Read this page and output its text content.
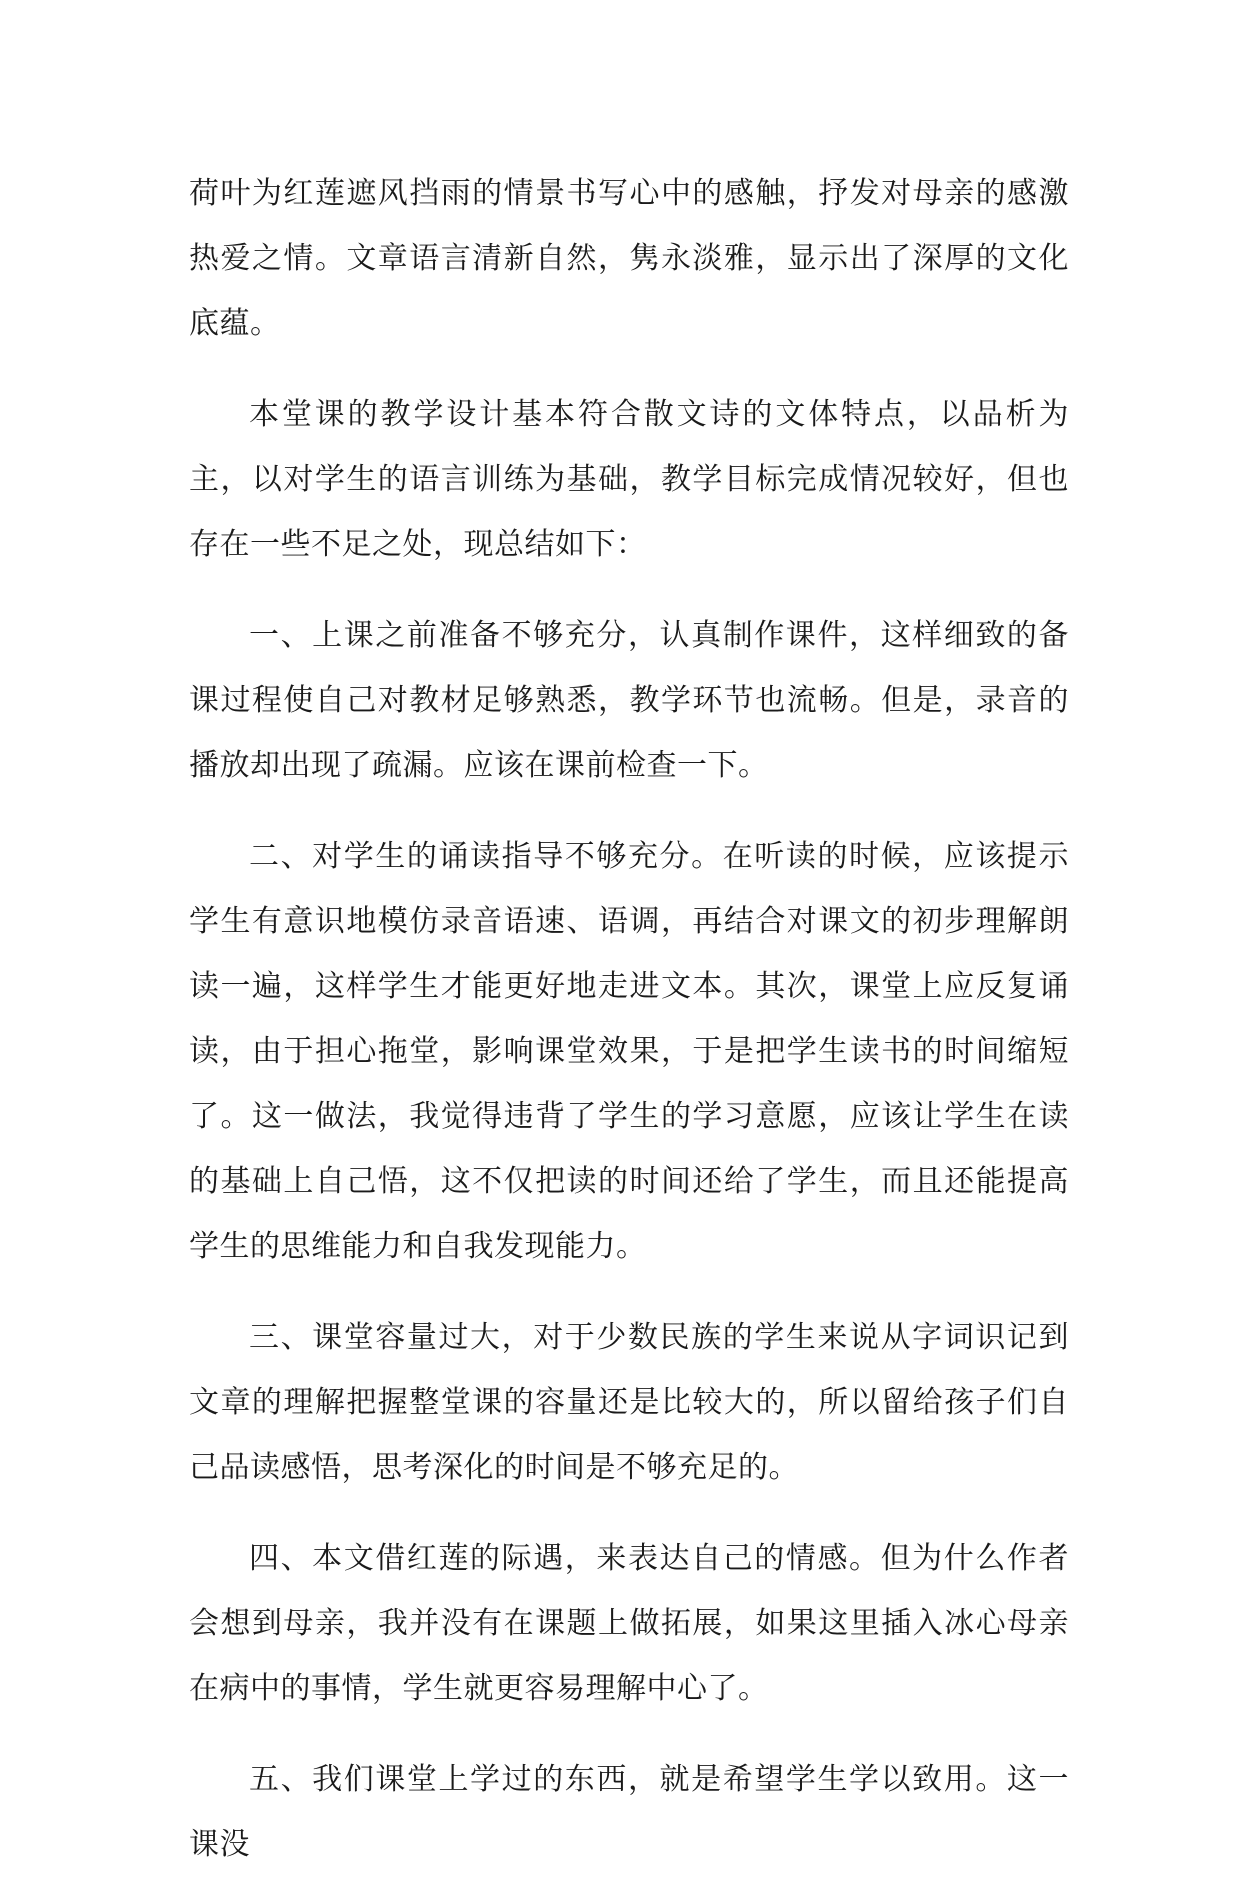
荷叶为红莲遮风挡雨的情景书写心中的感触，抒发对母亲的感激热爱之情。文章语言清新自然，隽永淡雅，显示出了深厚的文化底蕴。

本堂课的教学设计基本符合散文诗的文体特点，以品析为主，以对学生的语言训练为基础，教学目标完成情况较好，但也存在一些不足之处，现总结如下：

一、上课之前准备不够充分，认真制作课件，这样细致的备课过程使自己对教材足够熟悉，教学环节也流畅。但是，录音的播放却出现了疏漏。应该在课前检查一下。

二、对学生的诵读指导不够充分。在听读的时候，应该提示学生有意识地模仿录音语速、语调，再结合对课文的初步理解朗读一遍，这样学生才能更好地走进文本。其次，课堂上应反复诵读，由于担心拖堂，影响课堂效果，于是把学生读书的时间缩短了。这一做法，我觉得违背了学生的学习意愿，应该让学生在读的基础上自己悟，这不仅把读的时间还给了学生，而且还能提高学生的思维能力和自我发现能力。

三、课堂容量过大，对于少数民族的学生来说从字词识记到文章的理解把握整堂课的容量还是比较大的，所以留给孩子们自己品读感悟，思考深化的时间是不够充足的。

四、本文借红莲的际遇，来表达自己的情感。但为什么作者会想到母亲，我并没有在课题上做拓展，如果这里插入冰心母亲在病中的事情，学生就更容易理解中心了。

五、我们课堂上学过的东西，就是希望学生学以致用。这一课没
